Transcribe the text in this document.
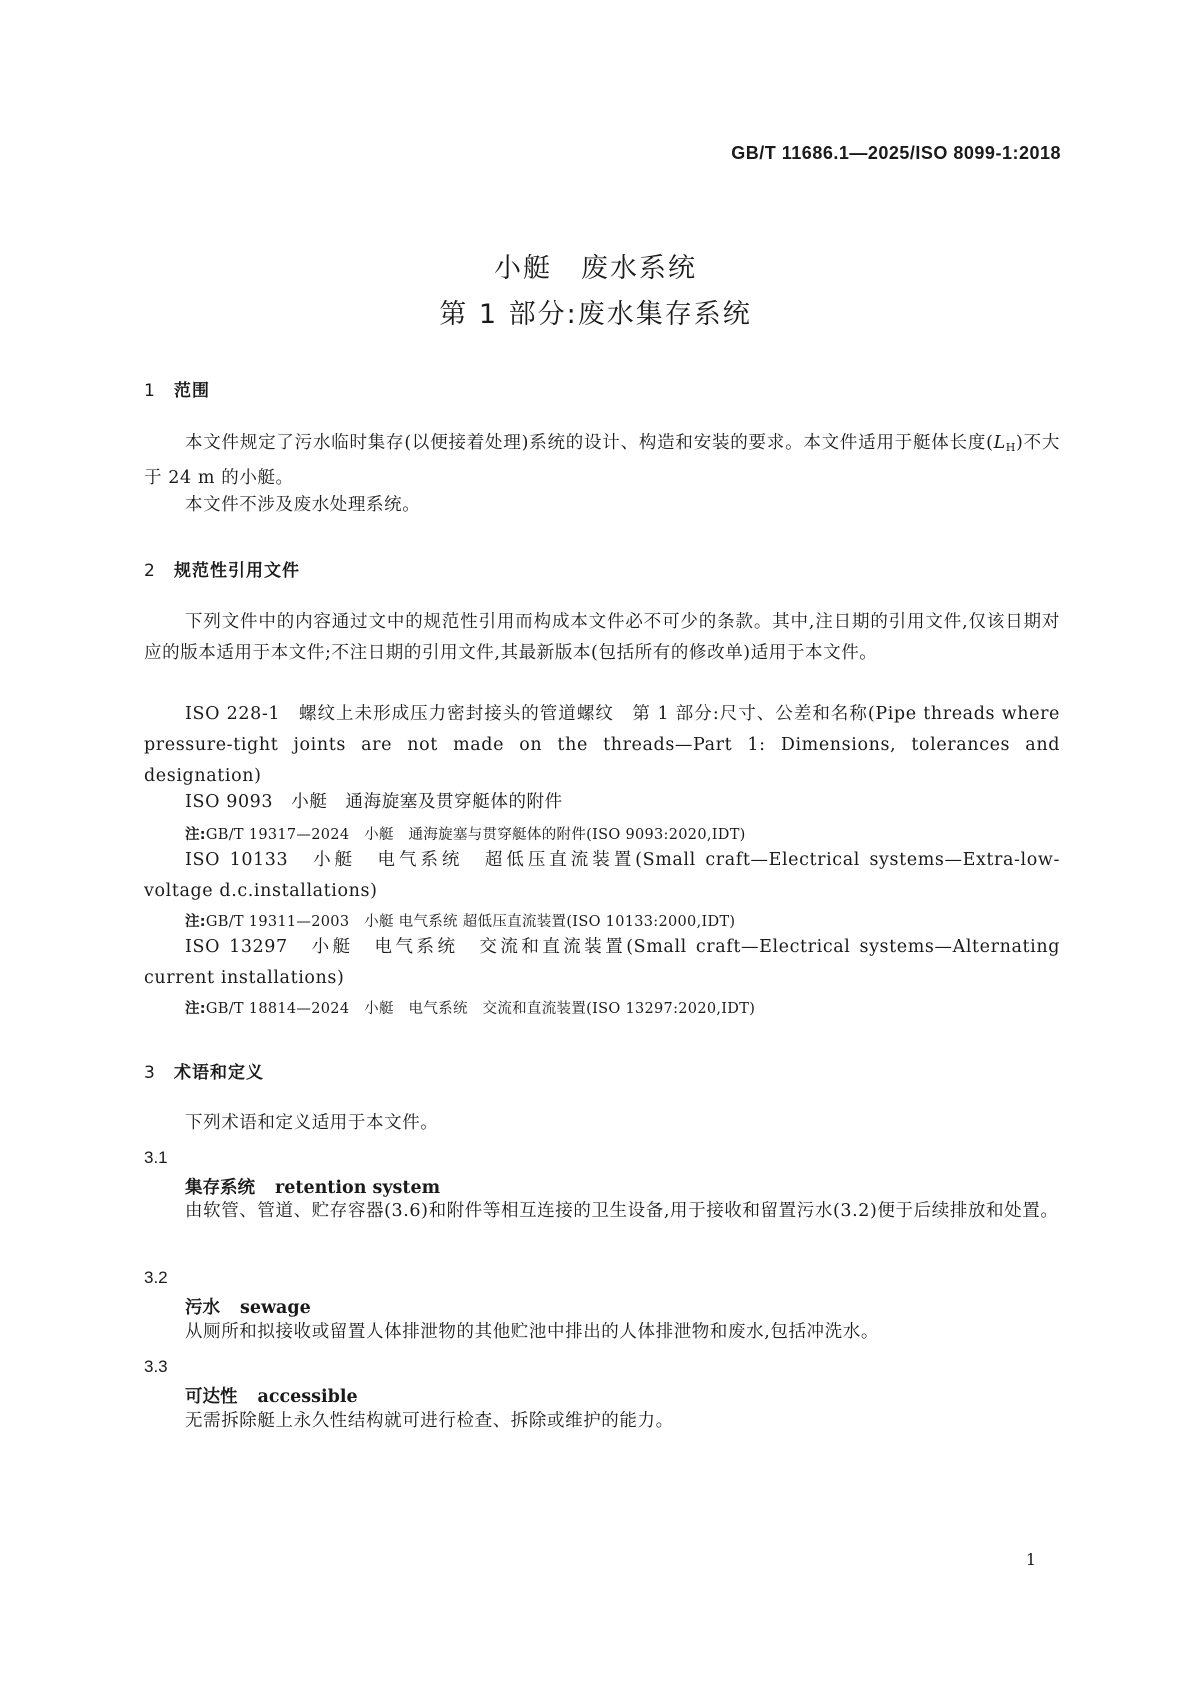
GB/T 11686.1—2025/ISO 8099-1:2018
小艇　废水系统
第 1 部分:废水集存系统
1 范围
本文件规定了污水临时集存(以便接着处理)系统的设计、构造和安装的要求。本文件适用于艇体长度$(L_H)$不大于 24 m 的小艇。
本文件不涉及废水处理系统。
2 规范性引用文件
下列文件中的内容通过文中的规范性引用而构成本文件必不可少的条款。其中,注日期的引用文件,仅该日期对应的版本适用于本文件;不注日期的引用文件,其最新版本(包括所有的修改单)适用于本文件。
ISO 228-1　螺纹上未形成压力密封接头的管道螺纹　第 1 部分:尺寸、公差和名称(Pipe threads where pressure-tight joints are not made on the threads—Part 1: Dimensions, tolerances and designation)
ISO 9093　小艇　通海旋塞及贯穿艇体的附件
注:GB/T 19317—2024　小艇　通海旋塞与贯穿艇体的附件(ISO 9093:2020,IDT)
ISO 10133　小艇　电气系统　超低压直流装置(Small craft—Electrical systems—Extra-low-voltage d.c.installations)
注:GB/T 19311—2003　小艇 电气系统 超低压直流装置(ISO 10133:2000,IDT)
ISO 13297　小艇　电气系统　交流和直流装置(Small craft—Electrical systems—Alternating current installations)
注:GB/T 18814—2024　小艇　电气系统　交流和直流装置(ISO 13297:2020,IDT)
3 术语和定义
下列术语和定义适用于本文件。
3.1
集存系统 retention system
由软管、管道、贮存容器(3.6)和附件等相互连接的卫生设备,用于接收和留置污水(3.2)便于后续排放和处置。
3.2
污水 sewage
从厕所和拟接收或留置人体排泄物的其他贮池中排出的人体排泄物和废水,包括冲洗水。
3.3
可达性 accessible
无需拆除艇上永久性结构就可进行检查、拆除或维护的能力。
1
